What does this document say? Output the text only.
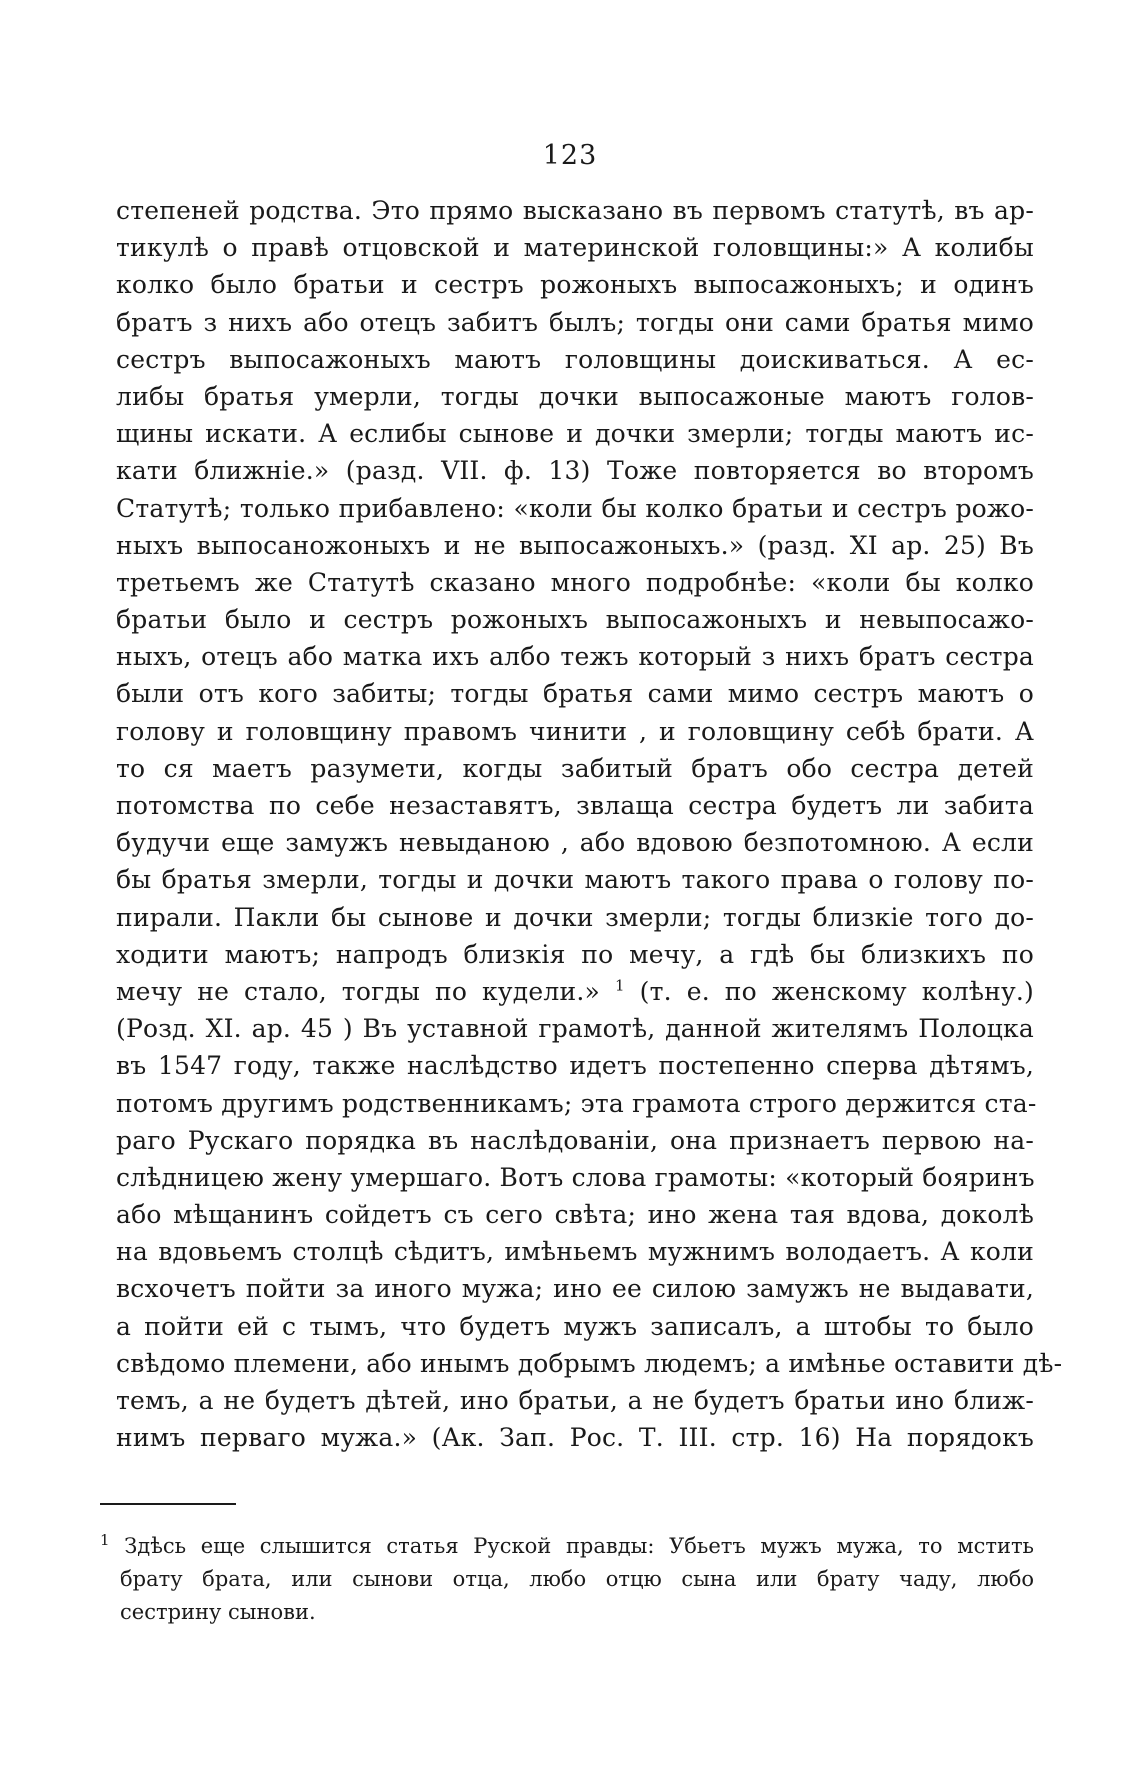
123
степеней родства. Это прямо высказано въ первомъ статутѣ, въ ар-
тикулѣ о правѣ отцовской и материнской головщины:» А колибы
колко было братьи и сестръ рожоныхъ выпосажоныхъ; и одинъ
братъ з нихъ або отецъ забитъ былъ; тогды они сами братья мимо
сестръ выпосажоныхъ маютъ головщины доискиваться. А ес-
либы братья умерли, тогды дочки выпосажоные маютъ голов-
щины искати. А еслибы сынове и дочки змерли; тогды маютъ ис-
кати ближніе.» (разд. VII. ф. 13) Тоже повторяется во второмъ
Статутѣ; только прибавлено: «коли бы колко братьи и сестръ рожо-
ныхъ выпосаножоныхъ и не выпосажоныхъ.» (разд. XI ар. 25) Въ
третьемъ же Статутѣ сказано много подробнѣе: «коли бы колко
братьи было и сестръ рожоныхъ выпосажоныхъ и невыпосажо-
ныхъ, отецъ або матка ихъ албо тежъ который з нихъ братъ сестра
были отъ кого забиты; тогды братья сами мимо сестръ маютъ о
голову и головщину правомъ чинити , и головщину себѣ брати. А
то ся маетъ разумети, когды забитый братъ обо сестра детей
потомства по себе незаставятъ, звлаща сестра будетъ ли забита
будучи еще замужъ невыданою , або вдовою безпотомною. А если
бы братья змерли, тогды и дочки маютъ такого права о голову по-
пирали. Пакли бы сынове и дочки змерли; тогды близкіе того до-
ходити маютъ; напродъ близкія по мечу, а гдѣ бы близкихъ по
мечу не стало, тогды по кудели.» $^1$ (т. е. по женскому колѣну.)
(Розд. XI. ар. 45 ) Въ уставной грамотѣ, данной жителямъ Полоцка
въ 1547 году, также наслѣдство идетъ постепенно сперва дѣтямъ,
потомъ другимъ родственникамъ; эта грамота строго держится ста-
раго Рускаго порядка въ наслѣдованіи, она признаетъ первою на-
слѣдницею жену умершаго. Вотъ слова грамоты: «который бояринъ
або мѣщанинъ сойдетъ съ сего свѣта; ино жена тая вдова, доколѣ
на вдовьемъ столцѣ сѣдитъ, имѣньемъ мужнимъ володаетъ. А коли
всхочетъ пойти за иного мужа; ино ее силою замужъ не выдавати,
а пойти ей с тымъ, что будетъ мужъ записалъ, а штобы то было
свѣдомо племени, або инымъ добрымъ людемъ; а имѣнье оставити дѣ-
темъ, а не будетъ дѣтей, ино братьи, а не будетъ братьи ино ближ-
нимъ перваго мужа.» (Ак. Зап. Рос. Т. III. стр. 16) На порядокъ
$^1$ Здѣсь еще слышится статья Руской правды: Убьетъ мужъ мужа, то мстить
брату брата, или сынови отца, любо отцю сына или брату чаду, любо
сестрину сынови.
